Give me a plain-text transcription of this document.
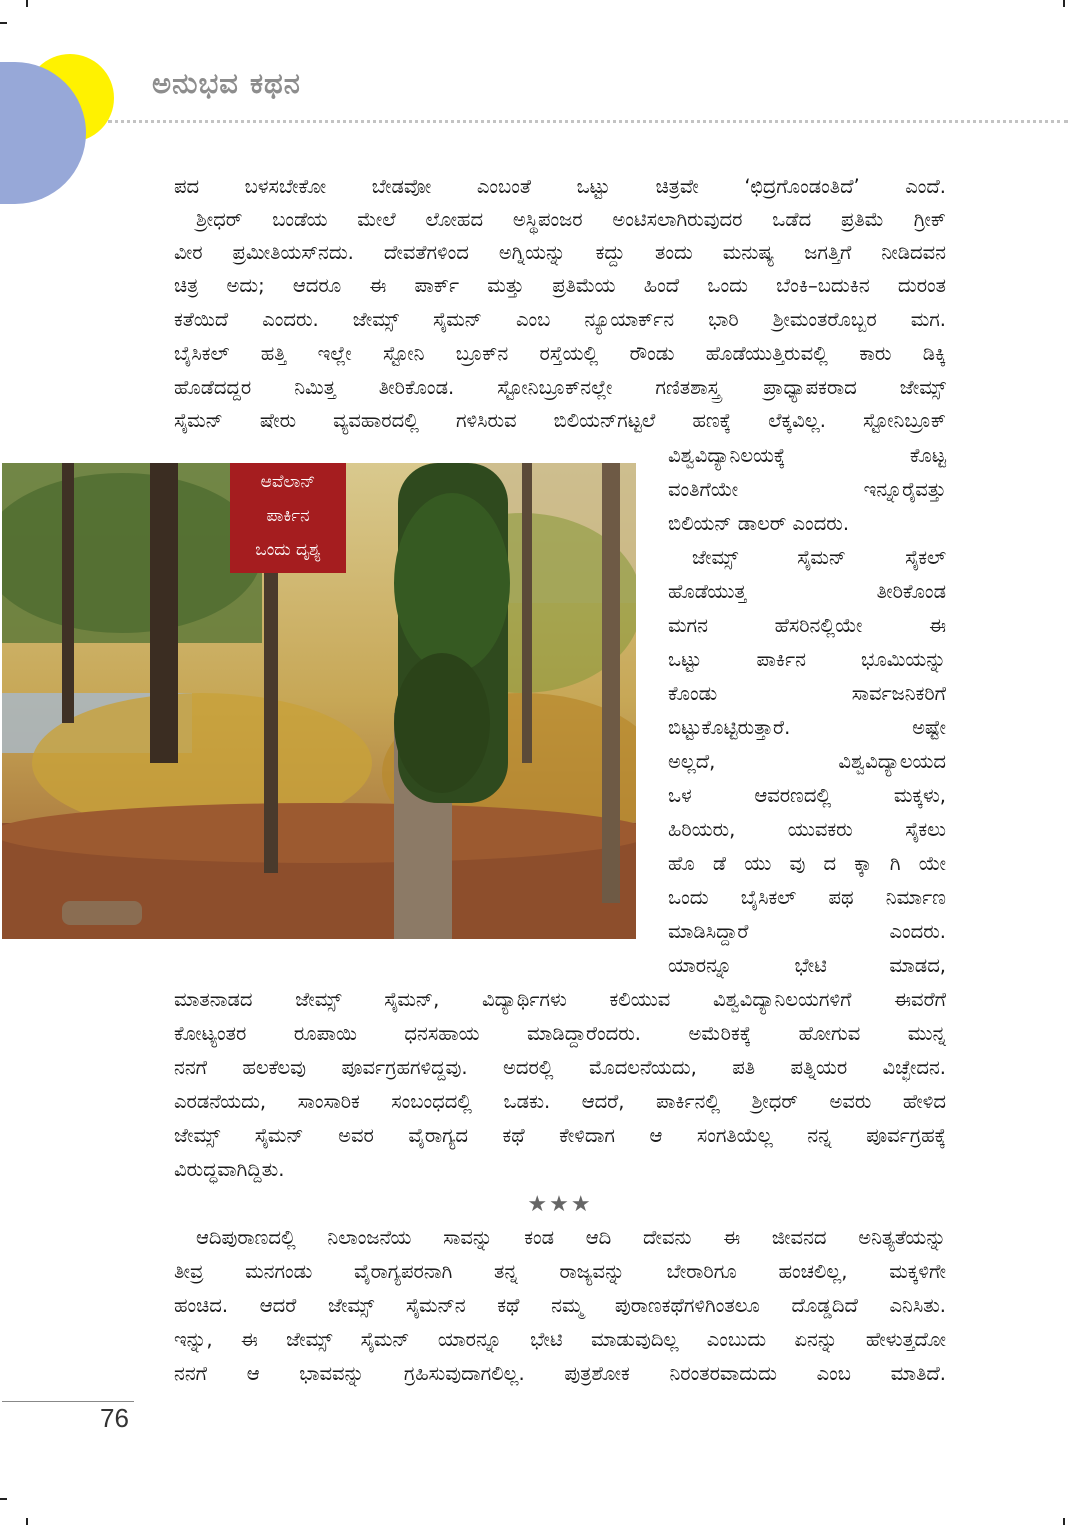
ಅನುಭವ ಕಥನ
ಪದ ಬಳಸಬೇಕೋ ಬೇಡವೋ ಎಂಬಂತೆ ಒಟ್ಟು ಚಿತ್ರವೇ ‘ಛಿದ್ರಗೊಂಡಂತಿದೆ’ ಎಂದೆ.
ಶ್ರೀಧರ್ ಬಂಡೆಯ ಮೇಲೆ ಲೋಹದ ಅಸ್ಥಿಪಂಜರ ಅಂಟಿಸಲಾಗಿರುವುದರ ಒಡೆದ ಪ್ರತಿಮೆ ಗ್ರೀಕ್
ವೀರ ಪ್ರಮೀತಿಯಸ್‌ನದು. ದೇವತೆಗಳಿಂದ ಅಗ್ನಿಯನ್ನು ಕದ್ದು ತಂದು ಮನುಷ್ಯ ಜಗತ್ತಿಗೆ ನೀಡಿದವನ
ಚಿತ್ರ ಅದು; ಆದರೂ ಈ ಪಾರ್ಕ್ ಮತ್ತು ಪ್ರತಿಮೆಯ ಹಿಂದೆ ಒಂದು ಬೆಂಕಿ–ಬದುಕಿನ ದುರಂತ
ಕತೆಯಿದೆ ಎಂದರು. ಜೇಮ್ಸ್ ಸೈಮನ್ ಎಂಬ ನ್ಯೂಯಾರ್ಕ್‌ನ ಭಾರಿ ಶ್ರೀಮಂತರೊಬ್ಬರ ಮಗ.
ಬೈಸಿಕಲ್ ಹತ್ತಿ ಇಲ್ಲೇ ಸ್ಟೋನಿ ಬ್ರೂಕ್‌ನ ರಸ್ತೆಯಲ್ಲಿ ರೌಂಡು ಹೊಡೆಯುತ್ತಿರುವಲ್ಲಿ ಕಾರು ಡಿಕ್ಕಿ
ಹೊಡೆದದ್ದರ ನಿಮಿತ್ತ ತೀರಿಕೊಂಡ. ಸ್ಟೋನಿಬ್ರೂಕ್‌ನಲ್ಲೇ ಗಣಿತಶಾಸ್ತ್ರ ಪ್ರಾಧ್ಯಾಪಕರಾದ ಜೇಮ್ಸ್
ಸೈಮನ್ ಷೇರು ವ್ಯವಹಾರದಲ್ಲಿ ಗಳಿಸಿರುವ ಬಿಲಿಯನ್‌ಗಟ್ಟಲೆ ಹಣಕ್ಕೆ ಲೆಕ್ಕವಿಲ್ಲ. ಸ್ಟೋನಿಬ್ರೂಕ್
ಆವೆಲಾನ್
ಪಾರ್ಕಿನ
ಒಂದು ದೃಶ್ಯ
ವಿಶ್ವವಿದ್ಯಾನಿಲಯಕ್ಕೆ ಕೊಟ್ಟ
ವಂತಿಗೆಯೇ ಇನ್ನೂರೈವತ್ತು
ಬಿಲಿಯನ್ ಡಾಲರ್ ಎಂದರು.
ಜೇಮ್ಸ್ ಸೈಮನ್ ಸೈಕಲ್
ಹೊಡೆಯುತ್ತ ತೀರಿಕೊಂಡ
ಮಗನ ಹೆಸರಿನಲ್ಲಿಯೇ ಈ
ಒಟ್ಟು ಪಾರ್ಕಿನ ಭೂಮಿಯನ್ನು
ಕೊಂಡು ಸಾರ್ವಜನಿಕರಿಗೆ
ಬಿಟ್ಟುಕೊಟ್ಟಿರುತ್ತಾರೆ. ಅಷ್ಟೇ
ಅಲ್ಲದೆ, ವಿಶ್ವವಿದ್ಯಾಲಯದ
ಒಳ ಆವರಣದಲ್ಲಿ ಮಕ್ಕಳು,
ಹಿರಿಯರು, ಯುವಕರು ಸೈಕಲು
ಹೊ ಡೆ ಯು ವು ದ ಕ್ಕಾ ಗಿ ಯೇ
ಒಂದು ಬೈಸಿಕಲ್ ಪಥ ನಿರ್ಮಾಣ
ಮಾಡಿಸಿದ್ದಾರೆ ಎಂದರು.
ಯಾರನ್ನೂ ಭೇಟಿ ಮಾಡದ,
ಮಾತನಾಡದ ಜೇಮ್ಸ್ ಸೈಮನ್, ವಿದ್ಯಾರ್ಥಿಗಳು ಕಲಿಯುವ ವಿಶ್ವವಿದ್ಯಾನಿಲಯಗಳಿಗೆ ಈವರೆಗೆ
ಕೋಟ್ಯಂತರ ರೂಪಾಯಿ ಧನಸಹಾಯ ಮಾಡಿದ್ದಾರೆಂದರು. ಅಮೆರಿಕಕ್ಕೆ ಹೋಗುವ ಮುನ್ನ
ನನಗೆ ಹಲಕೆಲವು ಪೂರ್ವಗ್ರಹಗಳಿದ್ದವು. ಅದರಲ್ಲಿ ಮೊದಲನೆಯದು, ಪತಿ ಪತ್ನಿಯರ ವಿಚ್ಛೇದನ.
ಎರಡನೆಯದು, ಸಾಂಸಾರಿಕ ಸಂಬಂಧದಲ್ಲಿ ಒಡಕು. ಆದರೆ, ಪಾರ್ಕಿನಲ್ಲಿ ಶ್ರೀಧರ್ ಅವರು ಹೇಳಿದ
ಜೇಮ್ಸ್ ಸೈಮನ್ ಅವರ ವೈರಾಗ್ಯದ ಕಥೆ ಕೇಳಿದಾಗ ಆ ಸಂಗತಿಯೆಲ್ಲ ನನ್ನ ಪೂರ್ವಗ್ರಹಕ್ಕೆ
ವಿರುದ್ಧವಾಗಿದ್ದಿತು.
★★★
ಆದಿಪುರಾಣದಲ್ಲಿ ನಿಲಾಂಜನೆಯ ಸಾವನ್ನು ಕಂಡ ಆದಿ ದೇವನು ಈ ಜೀವನದ ಅನಿತ್ಯತೆಯನ್ನು
ತೀವ್ರ ಮನಗಂಡು ವೈರಾಗ್ಯಪರನಾಗಿ ತನ್ನ ರಾಜ್ಯವನ್ನು ಬೇರಾರಿಗೂ ಹಂಚಲಿಲ್ಲ, ಮಕ್ಕಳಿಗೇ
ಹಂಚಿದ. ಆದರೆ ಜೇಮ್ಸ್ ಸೈಮನ್‌ನ ಕಥೆ ನಮ್ಮ ಪುರಾಣಕಥೆಗಳಿಗಿಂತಲೂ ದೊಡ್ಡದಿದೆ ಎನಿಸಿತು.
ಇನ್ನು, ಈ ಜೇಮ್ಸ್ ಸೈಮನ್ ಯಾರನ್ನೂ ಭೇಟಿ ಮಾಡುವುದಿಲ್ಲ ಎಂಬುದು ಏನನ್ನು ಹೇಳುತ್ತದೋ
ನನಗೆ ಆ ಭಾವವನ್ನು ಗ್ರಹಿಸುವುದಾಗಲಿಲ್ಲ. ಪುತ್ರಶೋಕ ನಿರಂತರವಾದುದು ಎಂಬ ಮಾತಿದೆ.
76
